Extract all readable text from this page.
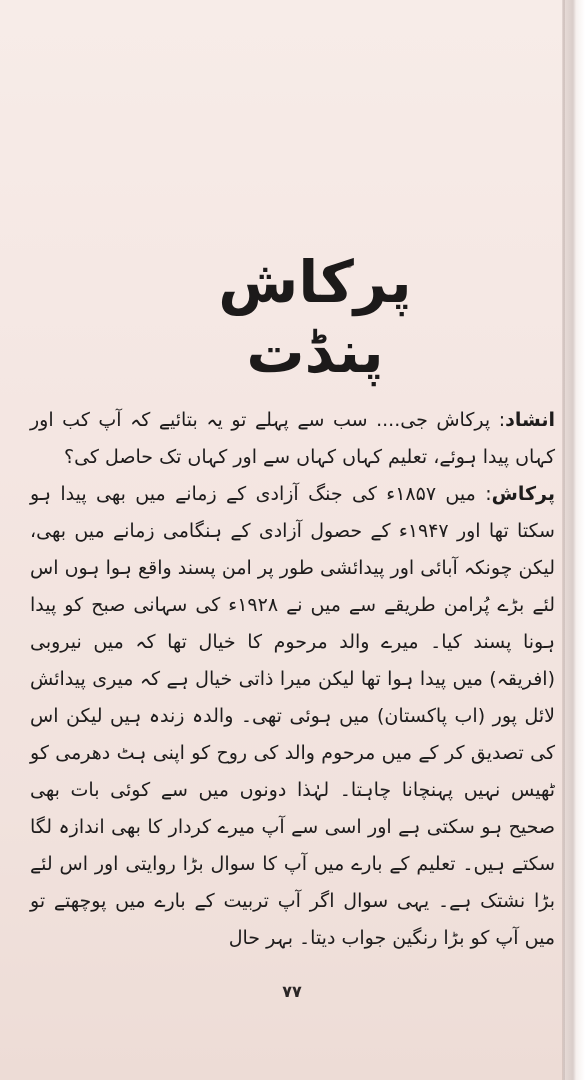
پرکاش پنڈت

انشاد: پرکاش جی.... سب سے پہلے تو یہ بتائیے کہ آپ کب اور کہاں پیدا ہوئے، تعلیم کہاں کہاں سے اور کہاں تک حاصل کی؟

پرکاش: میں ۱۸۵۷ء کی جنگ آزادی کے زمانے میں بھی پیدا ہو سکتا تھا اور ۱۹۴۷ء کے حصول آزادی کے ہنگامی زمانے میں بھی، لیکن چونکہ آبائی اور پیدائشی طور پر امن پسند واقع ہوا ہوں اس لئے بڑے پُرامن طریقے سے میں نے ۱۹۲۸ء کی سہانی صبح کو پیدا ہونا پسند کیا۔ میرے والد مرحوم کا خیال تھا کہ میں نیروبی (افریقہ) میں پیدا ہوا تھا لیکن میرا ذاتی خیال ہے کہ میری پیدائش لائل پور (اب پاکستان) میں ہوئی تھی۔ والدہ زندہ ہیں لیکن اس کی تصدیق کر کے میں مرحوم والد کی روح کو اپنی ہٹ دھرمی کو ٹھیس نہیں پہنچانا چاہتا۔ لہٰذا دونوں میں سے کوئی بات بھی صحیح ہو سکتی ہے اور اسی سے آپ میرے کردار کا بھی اندازہ لگا سکتے ہیں۔ تعلیم کے بارے میں آپ کا سوال بڑا روایتی اور اس لئے بڑا نشتک ہے۔ یہی سوال اگر آپ تربیت کے بارے میں پوچھتے تو میں آپ کو بڑا رنگین جواب دیتا۔ بہر حال

۷۷
